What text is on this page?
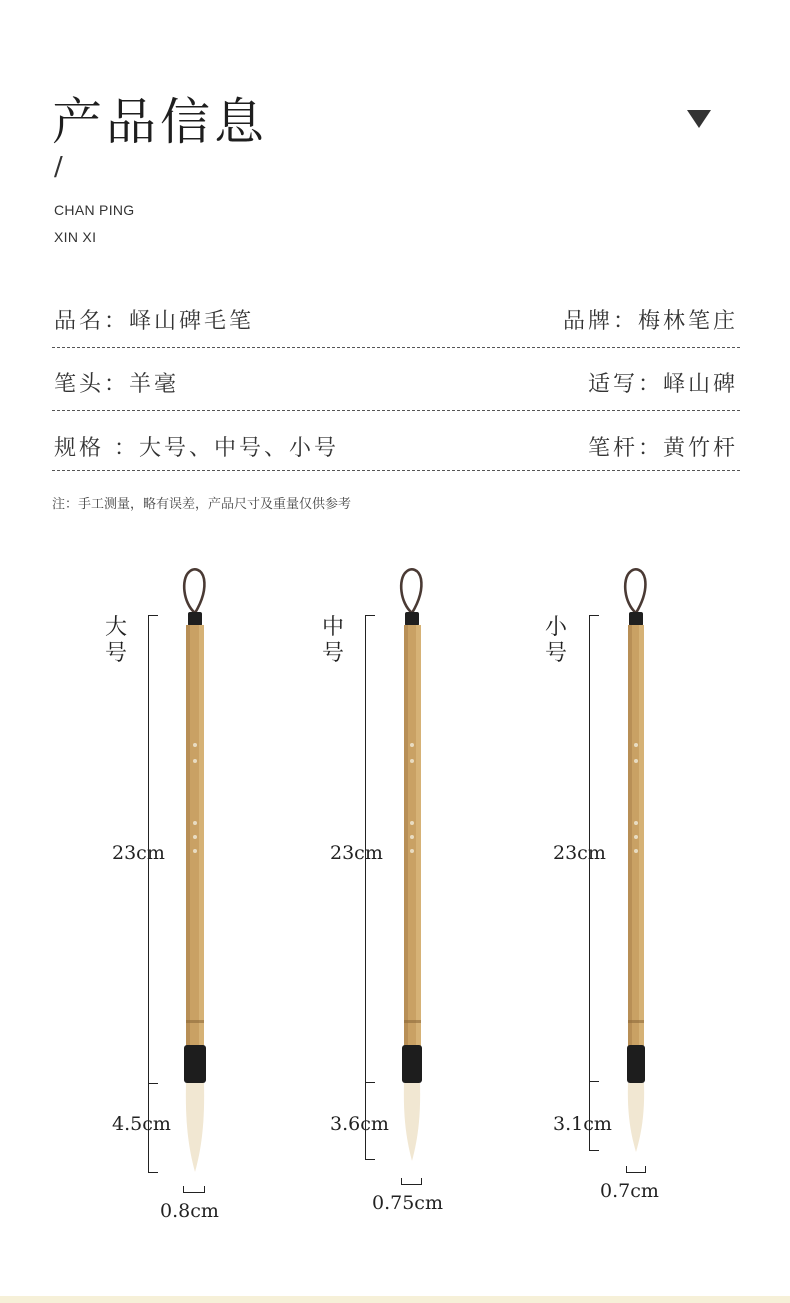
产品信息
/
CHAN PING
XIN XI
品名：峄山碑毛笔	品牌：梅林笔庄
笔头：羊毫	适写：峄山碑
规格 ：大号、中号、小号	笔杆：黄竹杆
注：手工测量，略有误差，产品尺寸及重量仅供参考
大
号
23cm
4.5cm
0.8cm
中
号
23cm
3.6cm
0.75cm
小
号
23cm
3.1cm
0.7cm
